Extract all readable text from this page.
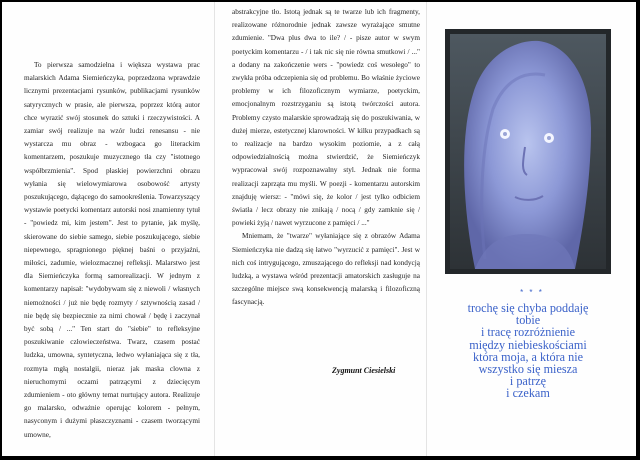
To pierwsza samodzielna i większa wystawa prac malarskich Adama Siemieńczyka, poprzedzona wprawdzie licznymi prezentacjami rysunków, publikacjami rysunków satyrycznych w prasie, ale pierwsza, poprzez którą autor chce wyrazić swój stosunek do sztuki i rzeczywistości. A zamiar swój realizuje na wzór ludzi renesansu - nie wystarcza mu obraz - wzbogaca go literackim komentarzem, poszukuje muzycznego tła czy "istotnego współbrzmienia". Spod płaskiej powierzchni obrazu wyłania się wielowymiarowa osobowość artysty poszukującego, dążącego do samookreślenia. Towarzyszący wystawie poetycki komentarz autorski nosi znamienny tytuł - "powiedz mi, kim jestem". Jest to pytanie, jak myślę, skierowane do siebie samego, siebie poszukującego, siebie niepewnego, spragnionego pięknej baśni o przyjaźni, miłości, zadumie, wielozmacznej refleksji. Malarstwo jest dla Siemieńczyka formą samorealizacji. W jednym z komentarzy napisał: "wydobywam się z niewoli / własnych niemożności / już nie będę rozmyty / sztywnością zasad / nie będę się bezpiecznie za nimi chował / będę i zaczynał być sobą / ..." Ten start do "siebie" to refleksyjne poszukiwanie człowieczeństwa. Twarz, czasem postać ludzka, umowna, syntetyczna, ledwo wyłaniająca się z tła, rozmyta mgłą nostalgii, nieraz jak maska clowna z nieruchomymi oczami patrzącymi z dziecięcym zdumieniem - oto główny temat nurtujący autora. Realizuje go malarsko, odważnie operując kolorem - pełnym, nasyconym i dużymi płaszczyznami - czasem tworzącymi umowne,

abstrakcyjne tło. Istotą jednak są te twarze lub ich fragmenty, realizowane różnorodnie jednak zawsze wyrażające smutne zdumienie. "Dwa plus dwa to ile? / - pisze autor w swym poetyckim komentarzu - / i tak nic się nie równa smutkowi / ..." a dodany na zakończenie wers - "powiedz coś wesołego" to zwykła próba odczepienia się od problemu. Bo właśnie życiowe problemy w ich filozoficznym wymiarze, poetyckim, emocjonalnym rozstrzyganiu są istotą twórczości autora. Problemy czysto malarskie sprowadzają się do poszukiwania, w dużej mierze, estetycznej klarowności. W kilku przypadkach są to realizacje na bardzo wysokim poziomie, a z całą odpowiedzialnością można stwierdzić, że Siemieńczyk wypracował swój rozpoznawalny styl. Jednak nie forma realizacji zaprząta mu myśli. W poezji - komentarzu autorskim znajduję wiersz: - "mówi się, że kolor / jest tylko odbiciem światła / lecz obrazy nie znikają / nocą / gdy zamknie się / powieki żyją / nawet wyrzucone z pamięci / ..."

Mniemam, że "twarze" wyłaniające się z obrazów Adama Siemieńczyka nie dadzą się łatwo "wyrzucić z pamięci". Jest w nich coś intrygującego, zmuszającego do refleksji nad kondycją ludzką, a wystawa wśród prezentacji amatorskich zasługuje na szczególne miejsce swą konsekwencją malarską i filozoficzną fascynacją.

Zygmunt Ciesielski
* * *
trochę się chyba poddaję
tobie
i tracę rozróżnienie
między niebieskościami
która moja, a która nie
wszystko się miesza
i patrzę
i czekam
